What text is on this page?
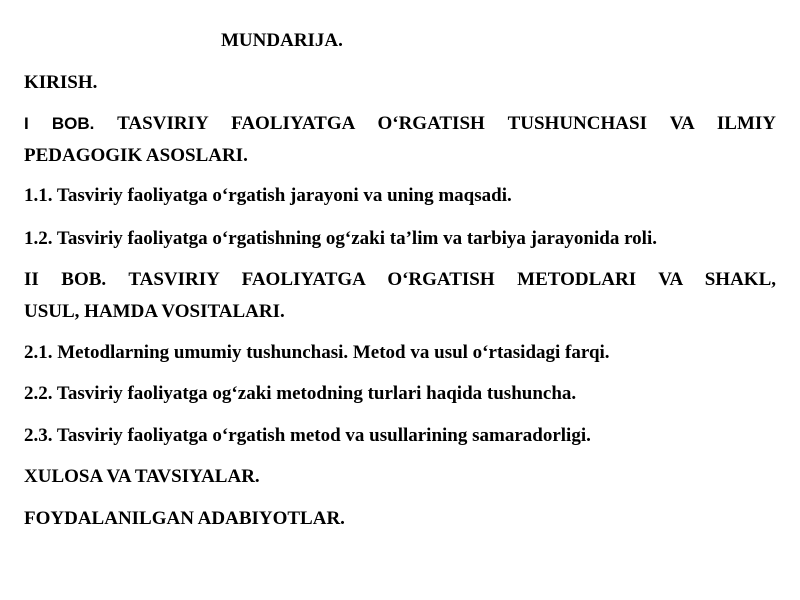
MUNDARIJA.
KIRISH.
I BOB. TASVIRIY FAOLIYATGA O‘RGATISH TUSHUNCHASI VA ILMIY
PEDAGOGIK ASOSLARI.
1.1. Tasviriy faoliyatga o‘rgatish jarayoni va uning maqsadi.
1.2. Tasviriy faoliyatga o‘rgatishning og‘zaki ta’lim va tarbiya jarayonida roli.
II BOB. TASVIRIY FAOLIYATGA O‘RGATISH METODLARI VA SHAKL,
USUL, HAMDA VOSITALARI.
2.1. Metodlarning umumiy tushunchasi. Metod va usul o‘rtasidagi farqi.
2.2. Tasviriy faoliyatga og‘zaki metodning turlari haqida tushuncha.
2.3. Tasviriy faoliyatga o‘rgatish metod va usullarining samaradorligi.
XULOSA VA TAVSIYALAR.
FOYDALANILGAN ADABIYOTLAR.
